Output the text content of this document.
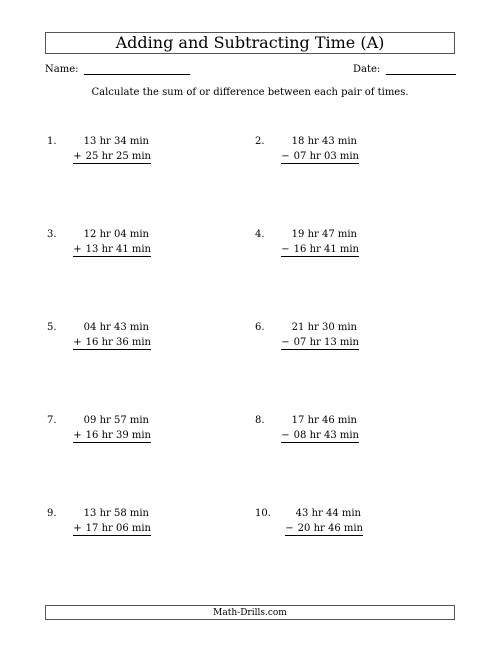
Adding and Subtracting Time (A)
Name:	Date:
Calculate the sum of or difference between each pair of times.
1.	13 hr 34 min
+ 25 hr 25 min
2.	18 hr 43 min
− 07 hr 03 min
3.	12 hr 04 min
+ 13 hr 41 min
4.	19 hr 47 min
− 16 hr 41 min
5.	04 hr 43 min
+ 16 hr 36 min
6.	21 hr 30 min
− 07 hr 13 min
7.	09 hr 57 min
+ 16 hr 39 min
8.	17 hr 46 min
− 08 hr 43 min
9.	13 hr 58 min
+ 17 hr 06 min
10. 43 hr 44 min
− 20 hr 46 min
Math-Drills.com
